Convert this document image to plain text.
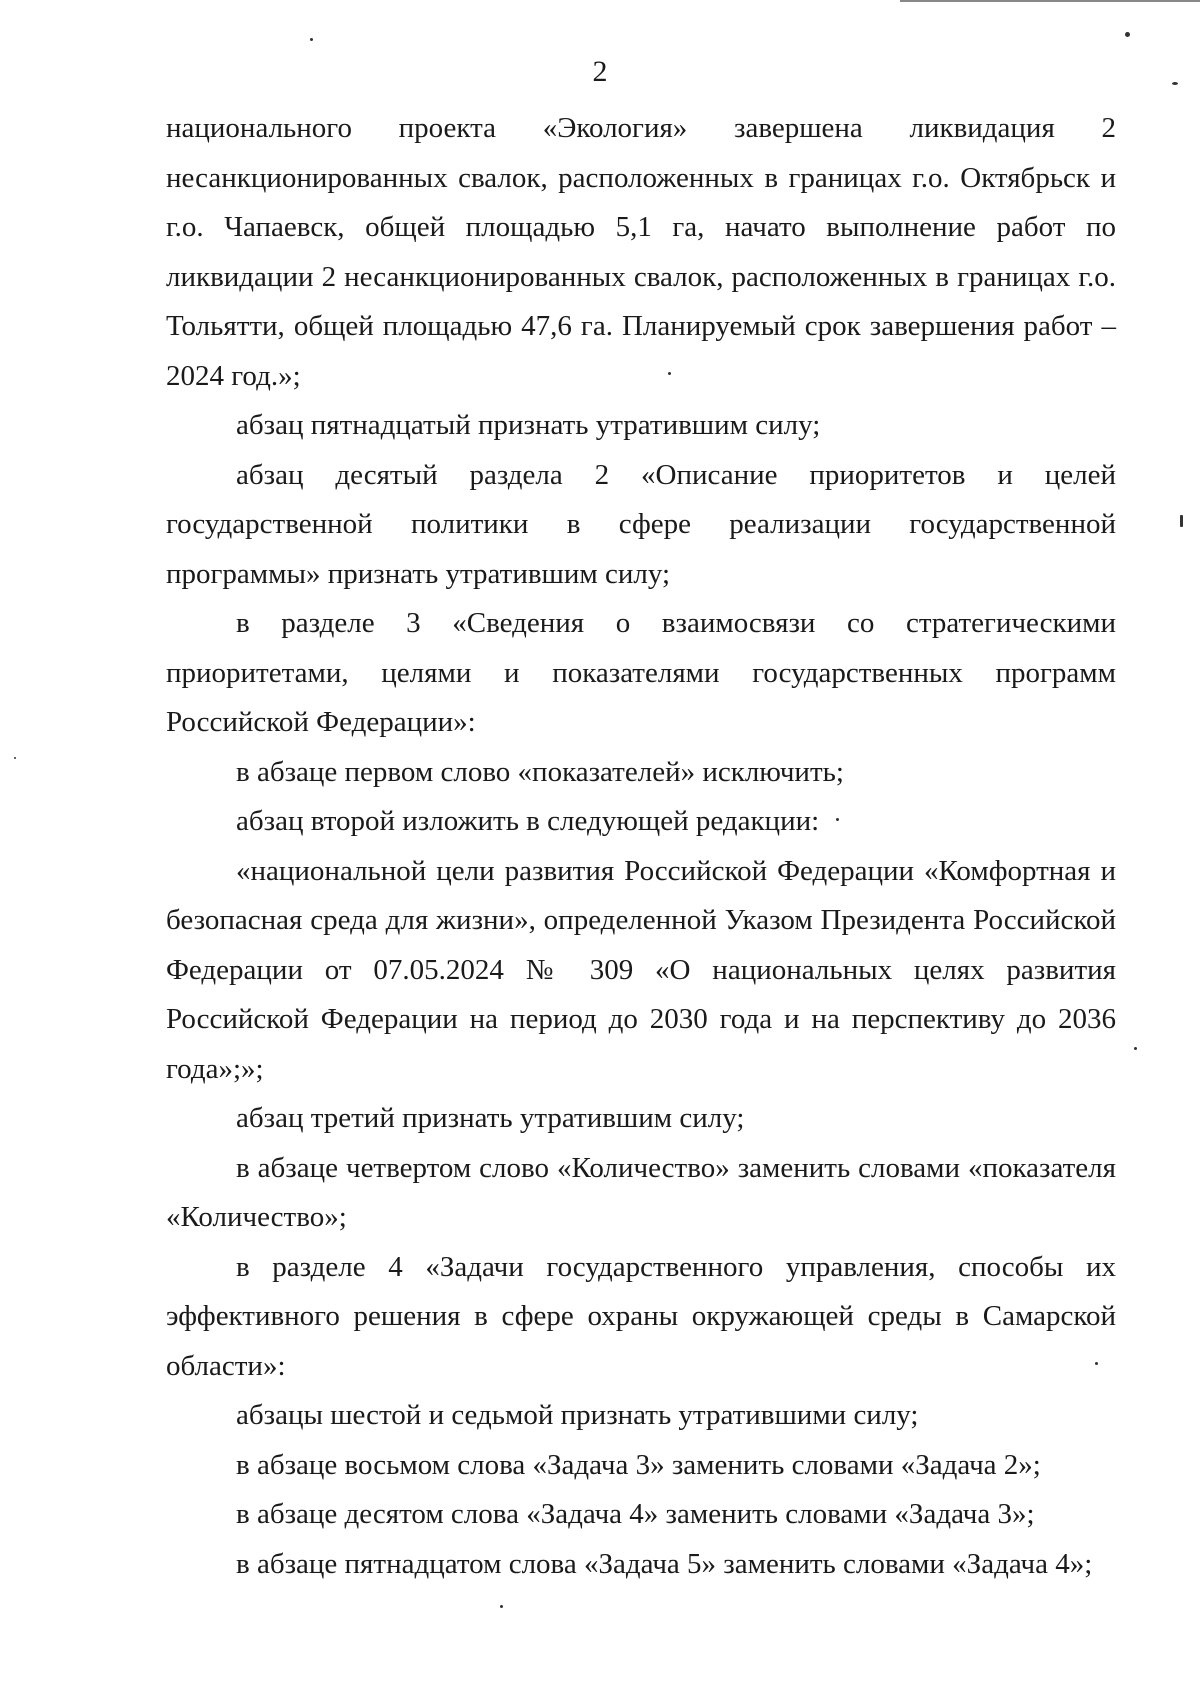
2

национального проекта «Экология» завершена ликвидация 2 несанкционированных свалок, расположенных в границах г.о. Октябрьск и г.о. Чапаевск, общей площадью 5,1 га, начато выполнение работ по ликвидации 2 несанкционированных свалок, расположенных в границах г.о. Тольятти, общей площадью 47,6 га. Планируемый срок завершения работ – 2024 год.»;

абзац пятнадцатый признать утратившим силу;

абзац десятый раздела 2 «Описание приоритетов и целей государственной политики в сфере реализации государственной программы» признать утратившим силу;

в разделе 3 «Сведения о взаимосвязи со стратегическими приоритетами, целями и показателями государственных программ Российской Федерации»:

в абзаце первом слово «показателей» исключить;

абзац второй изложить в следующей редакции:

«национальной цели развития Российской Федерации «Комфортная и безопасная среда для жизни», определенной Указом Президента Российской Федерации от 07.05.2024 № 309 «О национальных целях развития Российской Федерации на период до 2030 года и на перспективу до 2036 года»;»;

абзац третий признать утратившим силу;

в абзаце четвертом слово «Количество» заменить словами «показателя «Количество»;

в разделе 4 «Задачи государственного управления, способы их эффективного решения в сфере охраны окружающей среды в Самарской области»:

абзацы шестой и седьмой признать утратившими силу;

в абзаце восьмом слова «Задача 3» заменить словами «Задача 2»;

в абзаце десятом слова «Задача 4» заменить словами «Задача 3»;

в абзаце пятнадцатом слова «Задача 5» заменить словами «Задача 4»;
